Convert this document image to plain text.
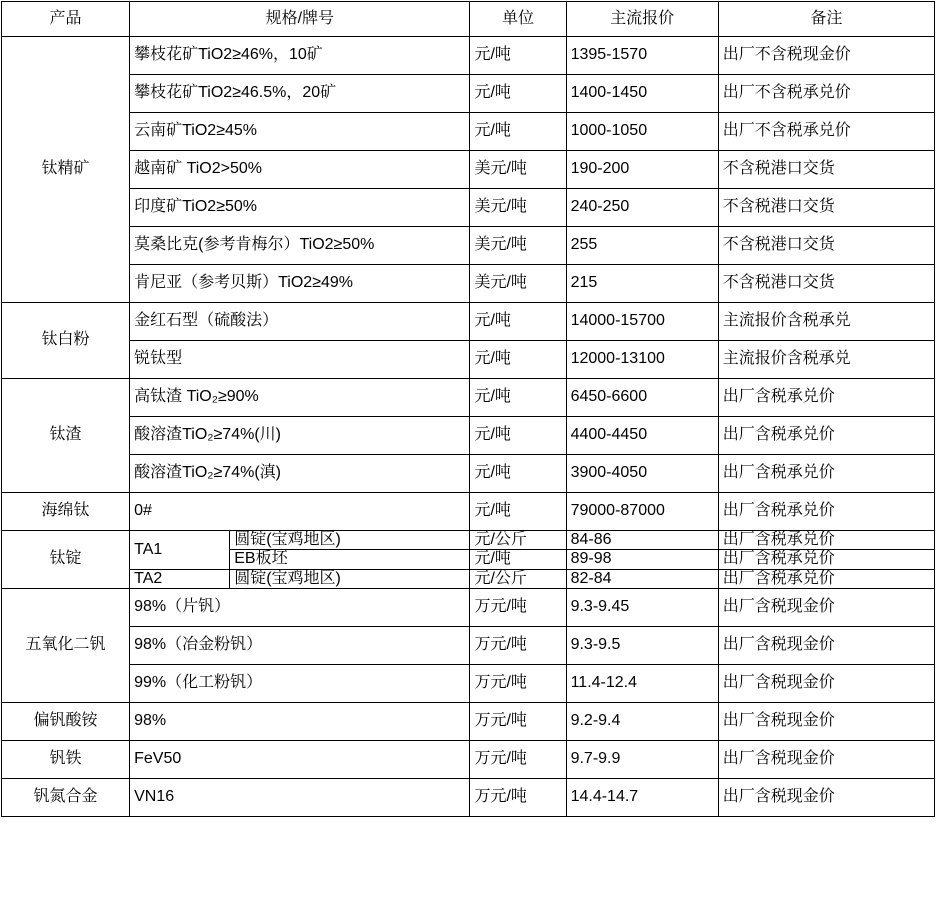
产品	规格/牌号		单位	主流报价	备注
钛精矿	攀枝花矿TiO2≥46%，10矿		元/吨	1395-1570	出厂不含税现金价
	攀枝花矿TiO2≥46.5%，20矿		元/吨	1400-1450	出厂不含税承兑价
	云南矿TiO2≥45%		元/吨	1000-1050	出厂不含税承兑价
	越南矿 TiO2>50%		美元/吨	190-200	不含税港口交货
	印度矿TiO2≥50%		美元/吨	240-250	不含税港口交货
	莫桑比克(参考肯梅尔）TiO2≥50%		美元/吨	255	不含税港口交货
	肯尼亚（参考贝斯）TiO2≥49%		美元/吨	215	不含税港口交货
钛白粉	金红石型（硫酸法）		元/吨	14000-15700	主流报价含税承兑
	锐钛型		元/吨	12000-13100	主流报价含税承兑
钛渣	高钛渣 TiO₂≥90%		元/吨	6450-6600	出厂含税承兑价
	酸溶渣TiO₂≥74%(川)		元/吨	4400-4450	出厂含税承兑价
	酸溶渣TiO₂≥74%(滇)		元/吨	3900-4050	出厂含税承兑价
海绵钛	0#		元/吨	79000-87000	出厂含税承兑价
钛锭	TA1	圆锭(宝鸡地区)	元/公斤	84-86	出厂含税承兑价
		EB板坯	元/吨	89-98	出厂含税承兑价
	TA2	圆锭(宝鸡地区)	元/公斤	82-84	出厂含税承兑价
五氧化二钒	98%（片钒）		万元/吨	9.3-9.45	出厂含税现金价
	98%（冶金粉钒）		万元/吨	9.3-9.5	出厂含税现金价
	99%（化工粉钒）		万元/吨	11.4-12.4	出厂含税现金价
偏钒酸铵	98%		万元/吨	9.2-9.4	出厂含税现金价
钒铁	FeV50		万元/吨	9.7-9.9	出厂含税现金价
钒氮合金	VN16		万元/吨	14.4-14.7	出厂含税现金价
